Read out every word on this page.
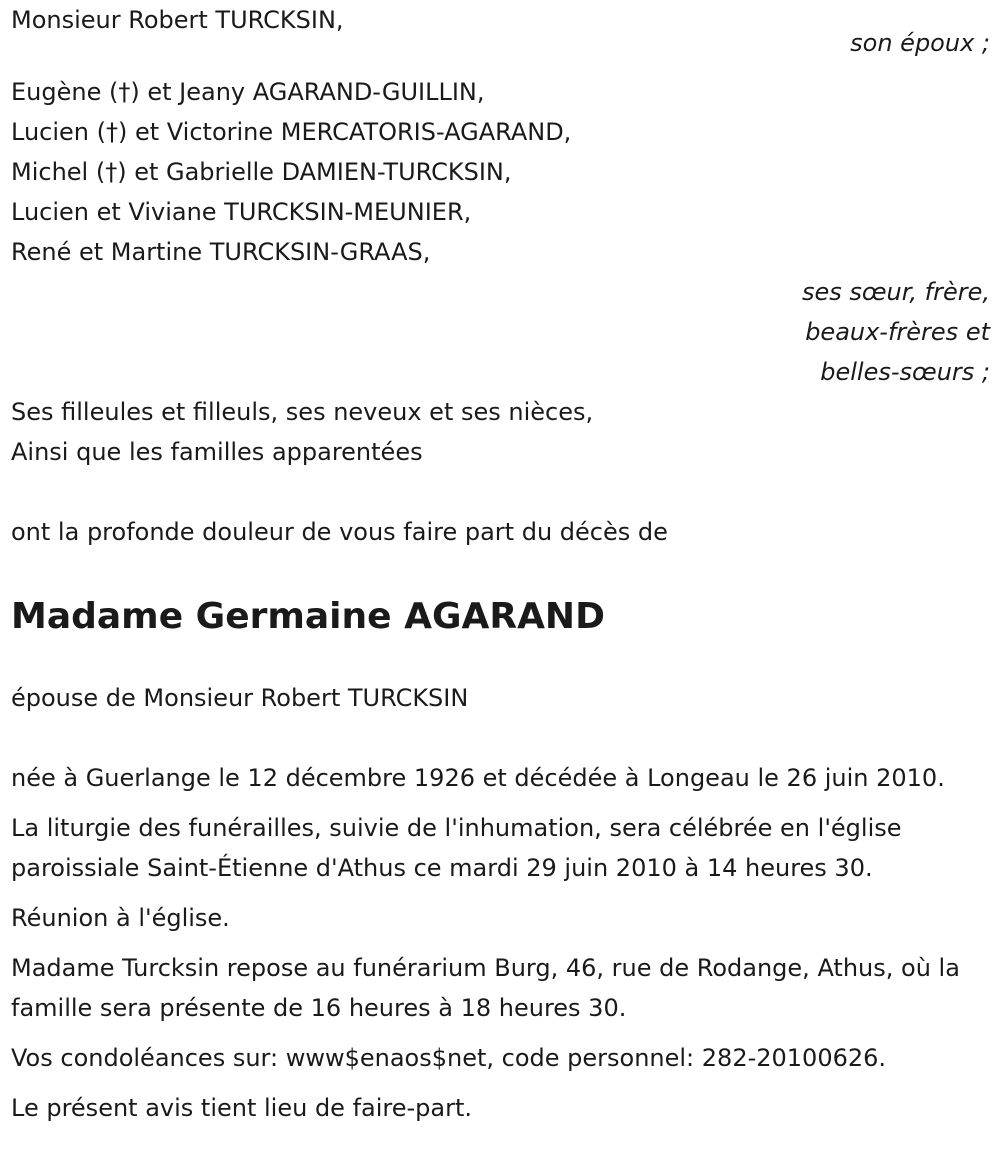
Monsieur Robert TURCKSIN,
son époux ;
Eugène (†) et Jeany AGARAND-GUILLIN,
Lucien (†) et Victorine MERCATORIS-AGARAND,
Michel (†) et Gabrielle DAMIEN-TURCKSIN,
Lucien et Viviane TURCKSIN-MEUNIER,
René et Martine TURCKSIN-GRAAS,
ses sœur, frère,
beaux-frères et
belles-sœurs ;
Ses filleules et filleuls, ses neveux et ses nièces,
Ainsi que les familles apparentées
ont la profonde douleur de vous faire part du décès de
Madame Germaine AGARAND
épouse de Monsieur Robert TURCKSIN
née à Guerlange le 12 décembre 1926 et décédée à Longeau le 26 juin 2010.
La liturgie des funérailles, suivie de l'inhumation, sera célébrée en l'église paroissiale Saint-Étienne d'Athus ce mardi 29 juin 2010 à 14 heures 30.
Réunion à l'église.
Madame Turcksin repose au funérarium Burg, 46, rue de Rodange, Athus, où la famille sera présente de 16 heures à 18 heures 30.
Vos condoléances sur: www$enaos$net, code personnel: 282-20100626.
Le présent avis tient lieu de faire-part.
